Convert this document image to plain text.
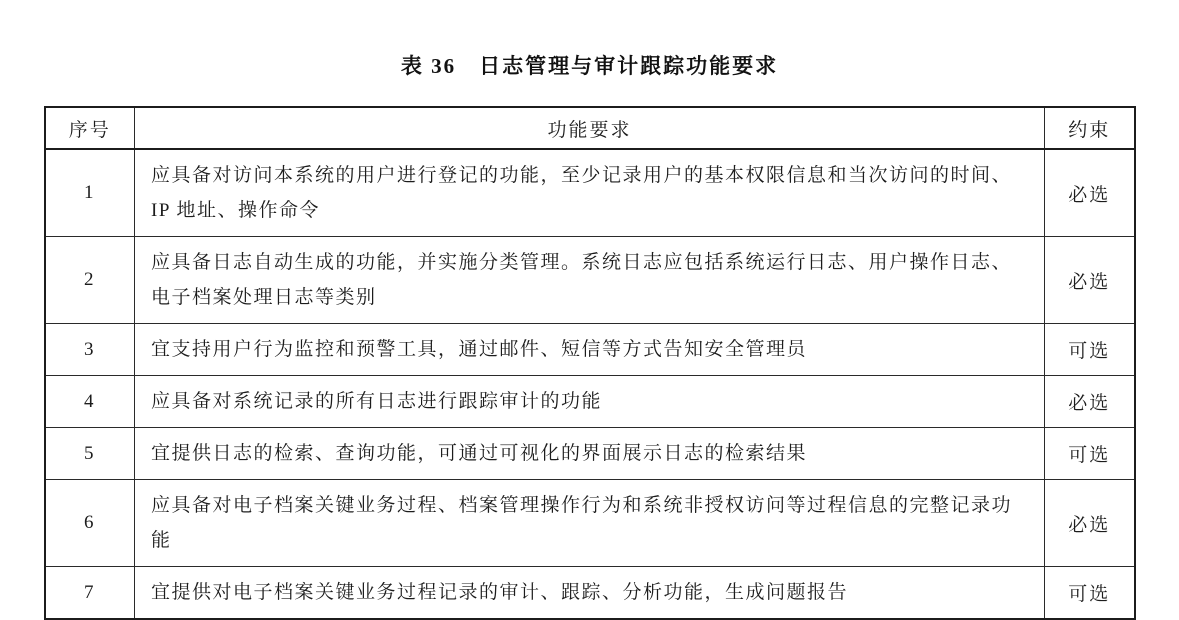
表 36　日志管理与审计跟踪功能要求
序号	功能要求	约束
1	应具备对访问本系统的用户进行登记的功能，至少记录用户的基本权限信息和当次访问的时间、IP 地址、操作命令	必选
2	应具备日志自动生成的功能，并实施分类管理。系统日志应包括系统运行日志、用户操作日志、电子档案处理日志等类别	必选
3	宜支持用户行为监控和预警工具，通过邮件、短信等方式告知安全管理员	可选
4	应具备对系统记录的所有日志进行跟踪审计的功能	必选
5	宜提供日志的检索、查询功能，可通过可视化的界面展示日志的检索结果	可选
6	应具备对电子档案关键业务过程、档案管理操作行为和系统非授权访问等过程信息的完整记录功能	必选
7	宜提供对电子档案关键业务过程记录的审计、跟踪、分析功能，生成问题报告	可选
